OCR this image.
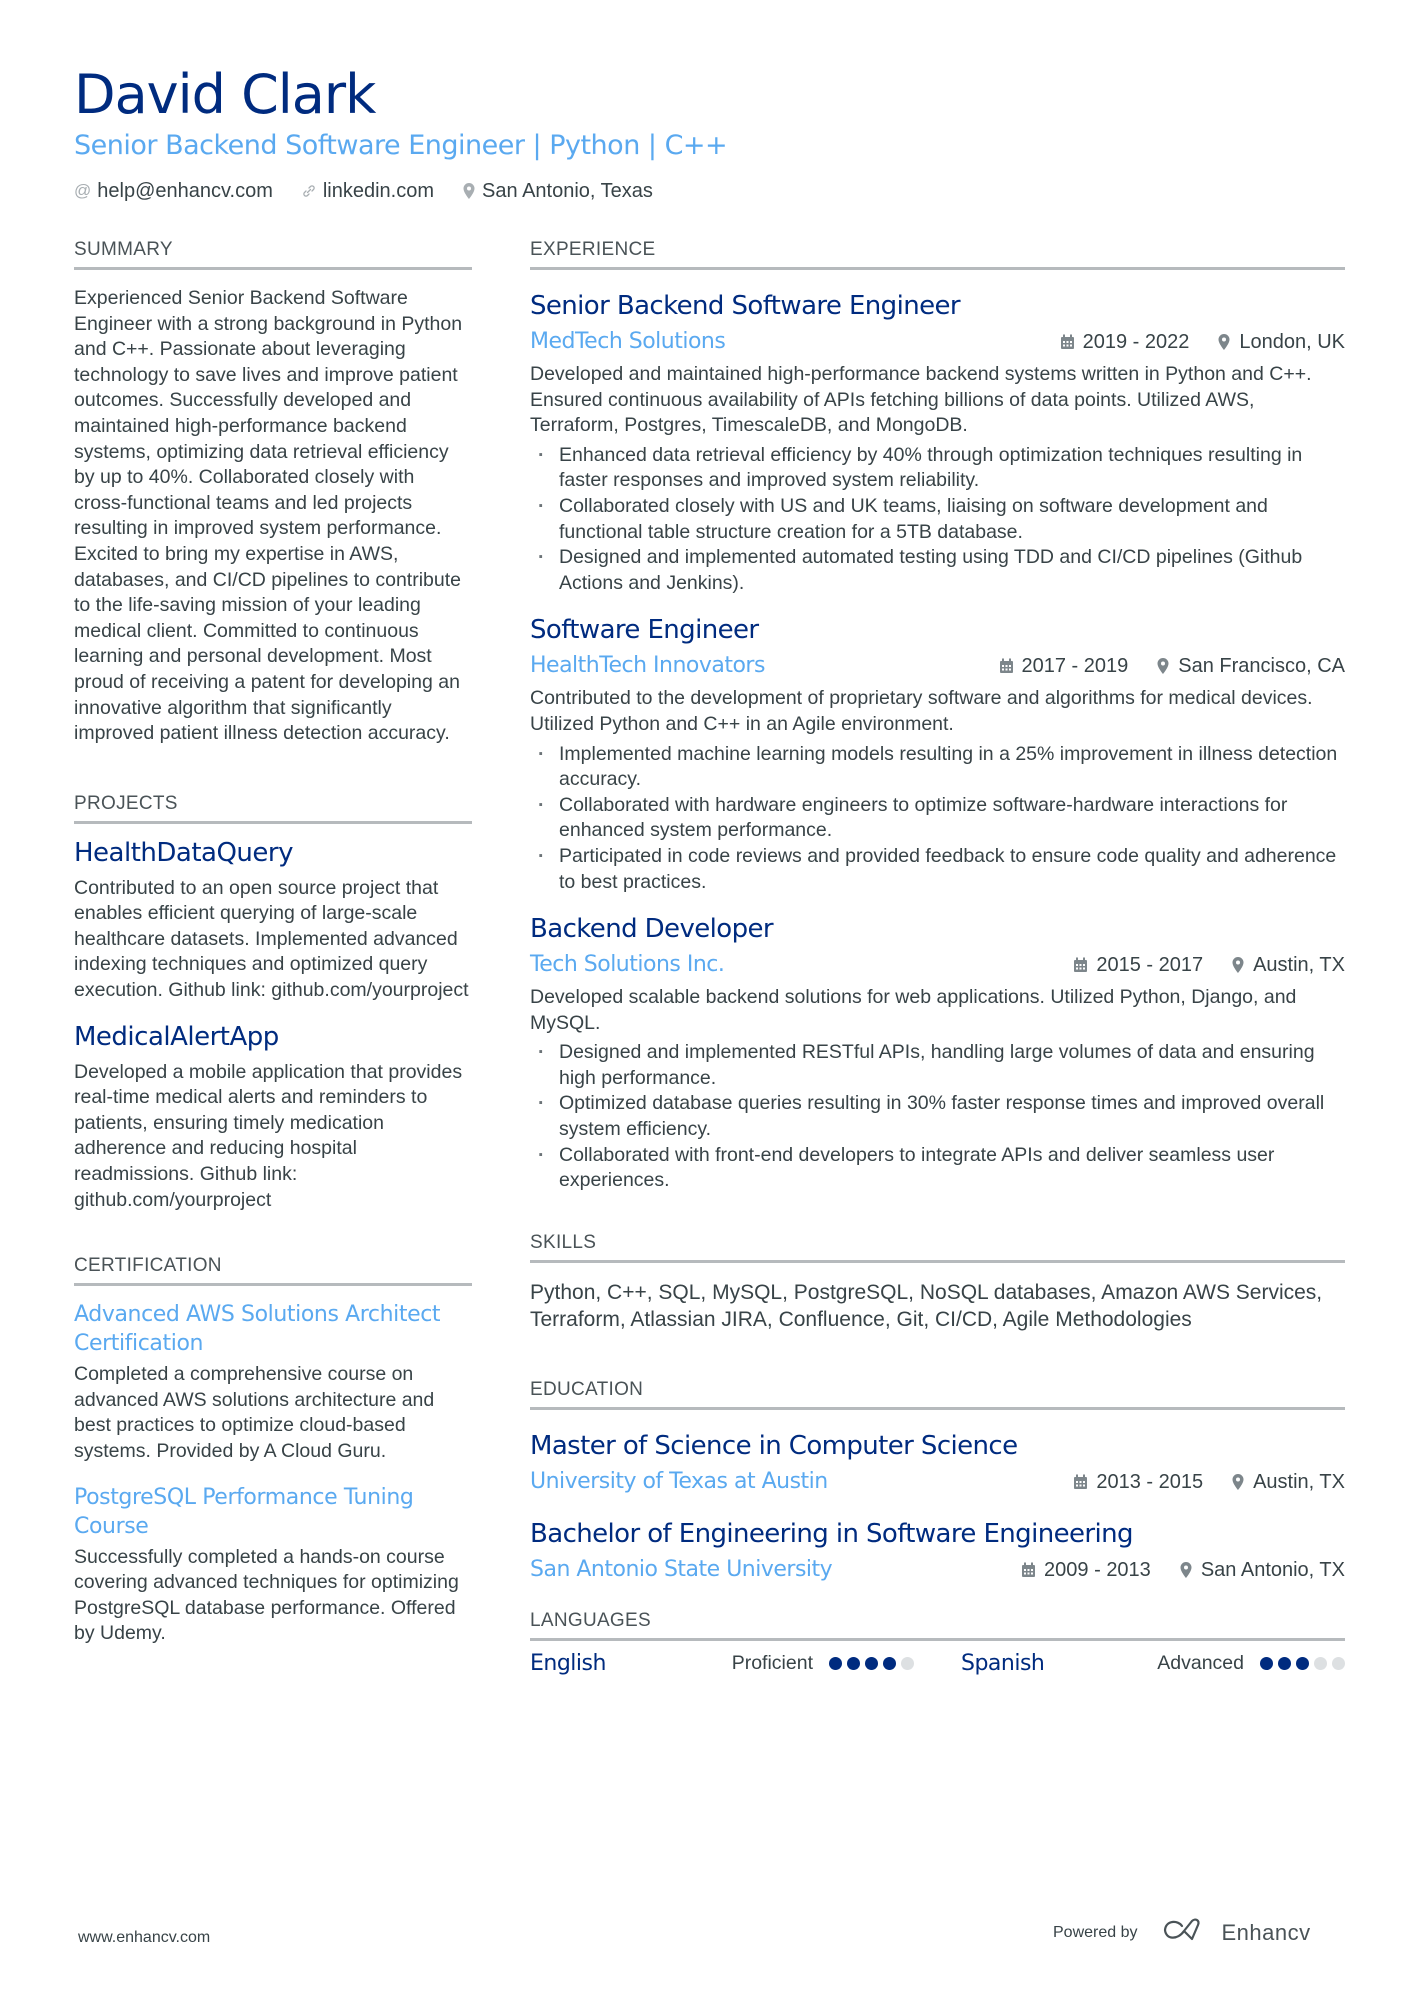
David Clark
Senior Backend Software Engineer | Python | C++
@ help@enhancv.com	linkedin.com San Antonio, Texas
SUMMARY
Experienced Senior Backend Software Engineer with a strong background in Python and C++. Passionate about leveraging technology to save lives and improve patient outcomes. Successfully developed and maintained high-performance backend systems, optimizing data retrieval efficiency by up to 40%. Collaborated closely with cross-functional teams and led projects resulting in improved system performance. Excited to bring my expertise in AWS, databases, and CI/CD pipelines to contribute to the life-saving mission of your leading medical client. Committed to continuous learning and personal development. Most proud of receiving a patent for developing an innovative algorithm that significantly improved patient illness detection accuracy.
PROJECTS
HealthDataQuery
Contributed to an open source project that enables efficient querying of large-scale healthcare datasets. Implemented advanced indexing techniques and optimized query execution. Github link: github.com/yourproject
MedicalAlertApp
Developed a mobile application that provides real-time medical alerts and reminders to patients, ensuring timely medication adherence and reducing hospital readmissions. Github link: github.com/yourproject
CERTIFICATION
Advanced AWS Solutions Architect Certification
Completed a comprehensive course on advanced AWS solutions architecture and best practices to optimize cloud-based systems. Provided by A Cloud Guru.
PostgreSQL Performance Tuning Course
Successfully completed a hands-on course covering advanced techniques for optimizing PostgreSQL database performance. Offered by Udemy.
EXPERIENCE
Senior Backend Software Engineer
MedTech Solutions	2019 - 2022	London, UK
Developed and maintained high-performance backend systems written in Python and C++. Ensured continuous availability of APIs fetching billions of data points. Utilized AWS, Terraform, Postgres, TimescaleDB, and MongoDB.
· Enhanced data retrieval efficiency by 40% through optimization techniques resulting in faster responses and improved system reliability.
· Collaborated closely with US and UK teams, liaising on software development and functional table structure creation for a 5TB database.
· Designed and implemented automated testing using TDD and CI/CD pipelines (Github Actions and Jenkins).
Software Engineer
HealthTech Innovators	2017 - 2019	San Francisco, CA
Contributed to the development of proprietary software and algorithms for medical devices. Utilized Python and C++ in an Agile environment.
· Implemented machine learning models resulting in a 25% improvement in illness detection accuracy.
· Collaborated with hardware engineers to optimize software-hardware interactions for enhanced system performance.
· Participated in code reviews and provided feedback to ensure code quality and adherence to best practices.
Backend Developer
Tech Solutions Inc.	2015 - 2017	Austin, TX
Developed scalable backend solutions for web applications. Utilized Python, Django, and MySQL.
· Designed and implemented RESTful APIs, handling large volumes of data and ensuring high performance.
· Optimized database queries resulting in 30% faster response times and improved overall system efficiency.
· Collaborated with front-end developers to integrate APIs and deliver seamless user experiences.
SKILLS
Python, C++, SQL, MySQL, PostgreSQL, NoSQL databases, Amazon AWS Services, Terraform, Atlassian JIRA, Confluence, Git, CI/CD, Agile Methodologies
EDUCATION
Master of Science in Computer Science
University of Texas at Austin	2013 - 2015	Austin, TX
Bachelor of Engineering in Software Engineering
San Antonio State University	2009 - 2013	San Antonio, TX
LANGUAGES
English	Proficient	Spanish	Advanced
www.enhancv.com	Powered by	Enhancv
